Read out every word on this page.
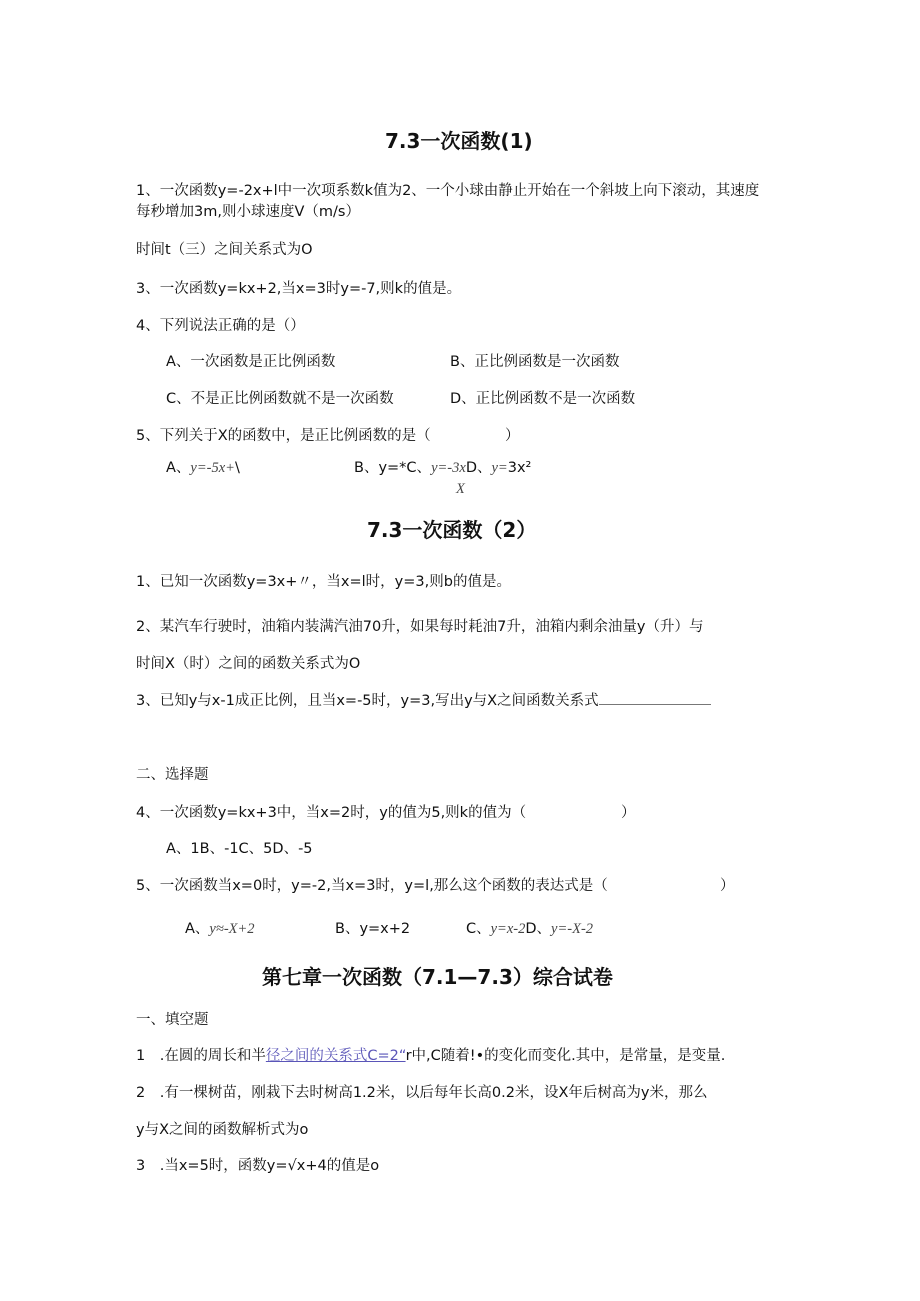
7.3一次函数(1)
1、一次函数y=-2x+l中一次项系数k值为2、一个小球由静止开始在一个斜坡上向下滚动，其速度
每秒增加3m,则小球速度V（m/s）
时间t（三）之间关系式为O
3、一次函数y=kx+2,当x=3时y=-7,则k的值是。
4、下列说法正确的是（）
A、一次函数是正比例函数	B、正比例函数是一次函数
C、不是正比例函数就不是一次函数	D、正比例函数不是一次函数
5、下列关于X的函数中，是正比例函数的是（	）
A、y=-5x+\	B、y=*C、y=-3xD、y=3x²
X
7.3一次函数（2）
1、已知一次函数y=3x+〃，当x=l时，y=3,则b的值是。
2、某汽车行驶时，油箱内装满汽油70升，如果每时耗油7升，油箱内剩余油量y（升）与
时间X（时）之间的函数关系式为O
3、已知y与x-1成正比例，且当x=-5时，y=3,写出y与X之间函数关系式
二、选择题
4、一次函数y=kx+3中，当x=2时，y的值为5,则k的值为（	）
A、1B、-1C、5D、-5
5、一次函数当x=0时，y=-2,当x=3时，y=l,那么这个函数的表达式是（	）
A、y≈-X+2	B、y=x+2	C、y=x-2D、y=-X-2
第七章一次函数（7.1—7.3）综合试卷
一、填空题
1　.在圆的周长和半径之间的关系式C=2“r中,C随着!•的变化而变化.其中，是常量，是变量.
2　.有一棵树苗，刚栽下去时树高1.2米，以后每年长高0.2米，设X年后树高为y米，那么
y与X之间的函数解析式为o
3　.当x=5时，函数y=√x+4的值是o
